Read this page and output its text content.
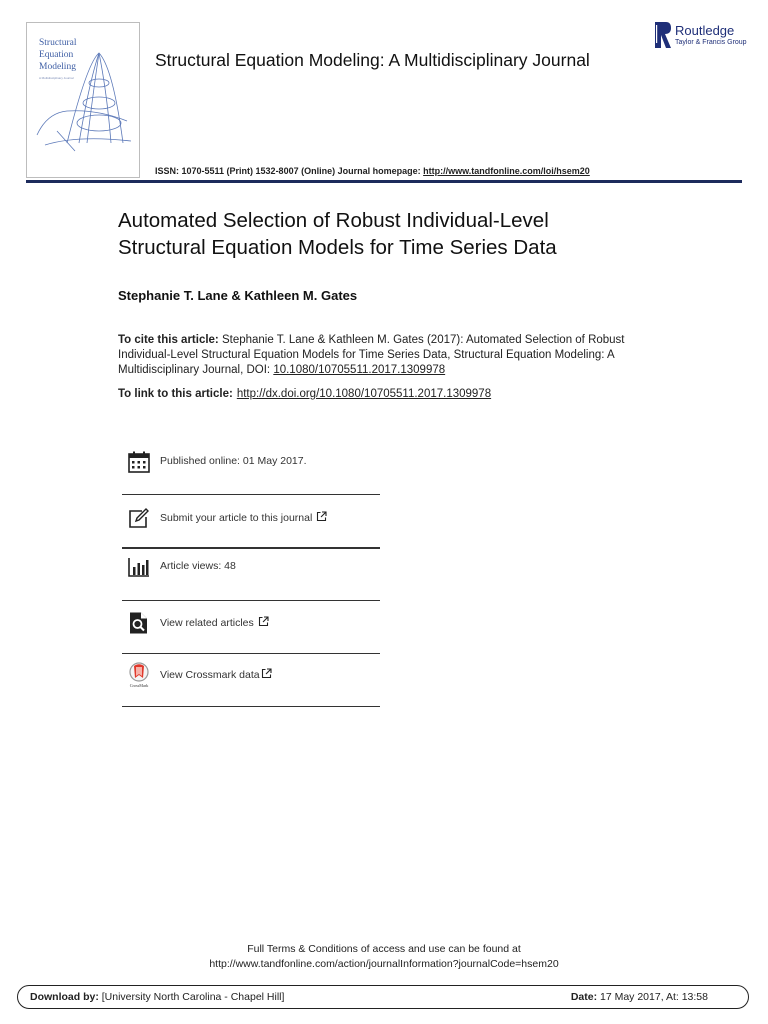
Structural
Equation
Modeling
A Multidisciplinary Journal
Structural Equation Modeling: A Multidisciplinary Journal
Routledge
Taylor & Francis Group
ISSN: 1070-5511 (Print) 1532-8007 (Online) Journal homepage: http://www.tandfonline.com/loi/hsem20
Automated Selection of Robust Individual-Level
Structural Equation Models for Time Series Data
Stephanie T. Lane & Kathleen M. Gates
To cite this article: Stephanie T. Lane & Kathleen M. Gates (2017): Automated Selection of Robust Individual-Level Structural Equation Models for Time Series Data, Structural Equation Modeling: A Multidisciplinary Journal, DOI: 10.1080/10705511.2017.1309978
To link to this article: http://dx.doi.org/10.1080/10705511.2017.1309978
Published online: 01 May 2017.
Submit your article to this journal
Article views: 48
View related articles
CrossMark
View Crossmark data
Full Terms & Conditions of access and use can be found at
http://www.tandfonline.com/action/journalInformation?journalCode=hsem20
Download by: [University North Carolina - Chapel Hill]	Date: 17 May 2017, At: 13:58
